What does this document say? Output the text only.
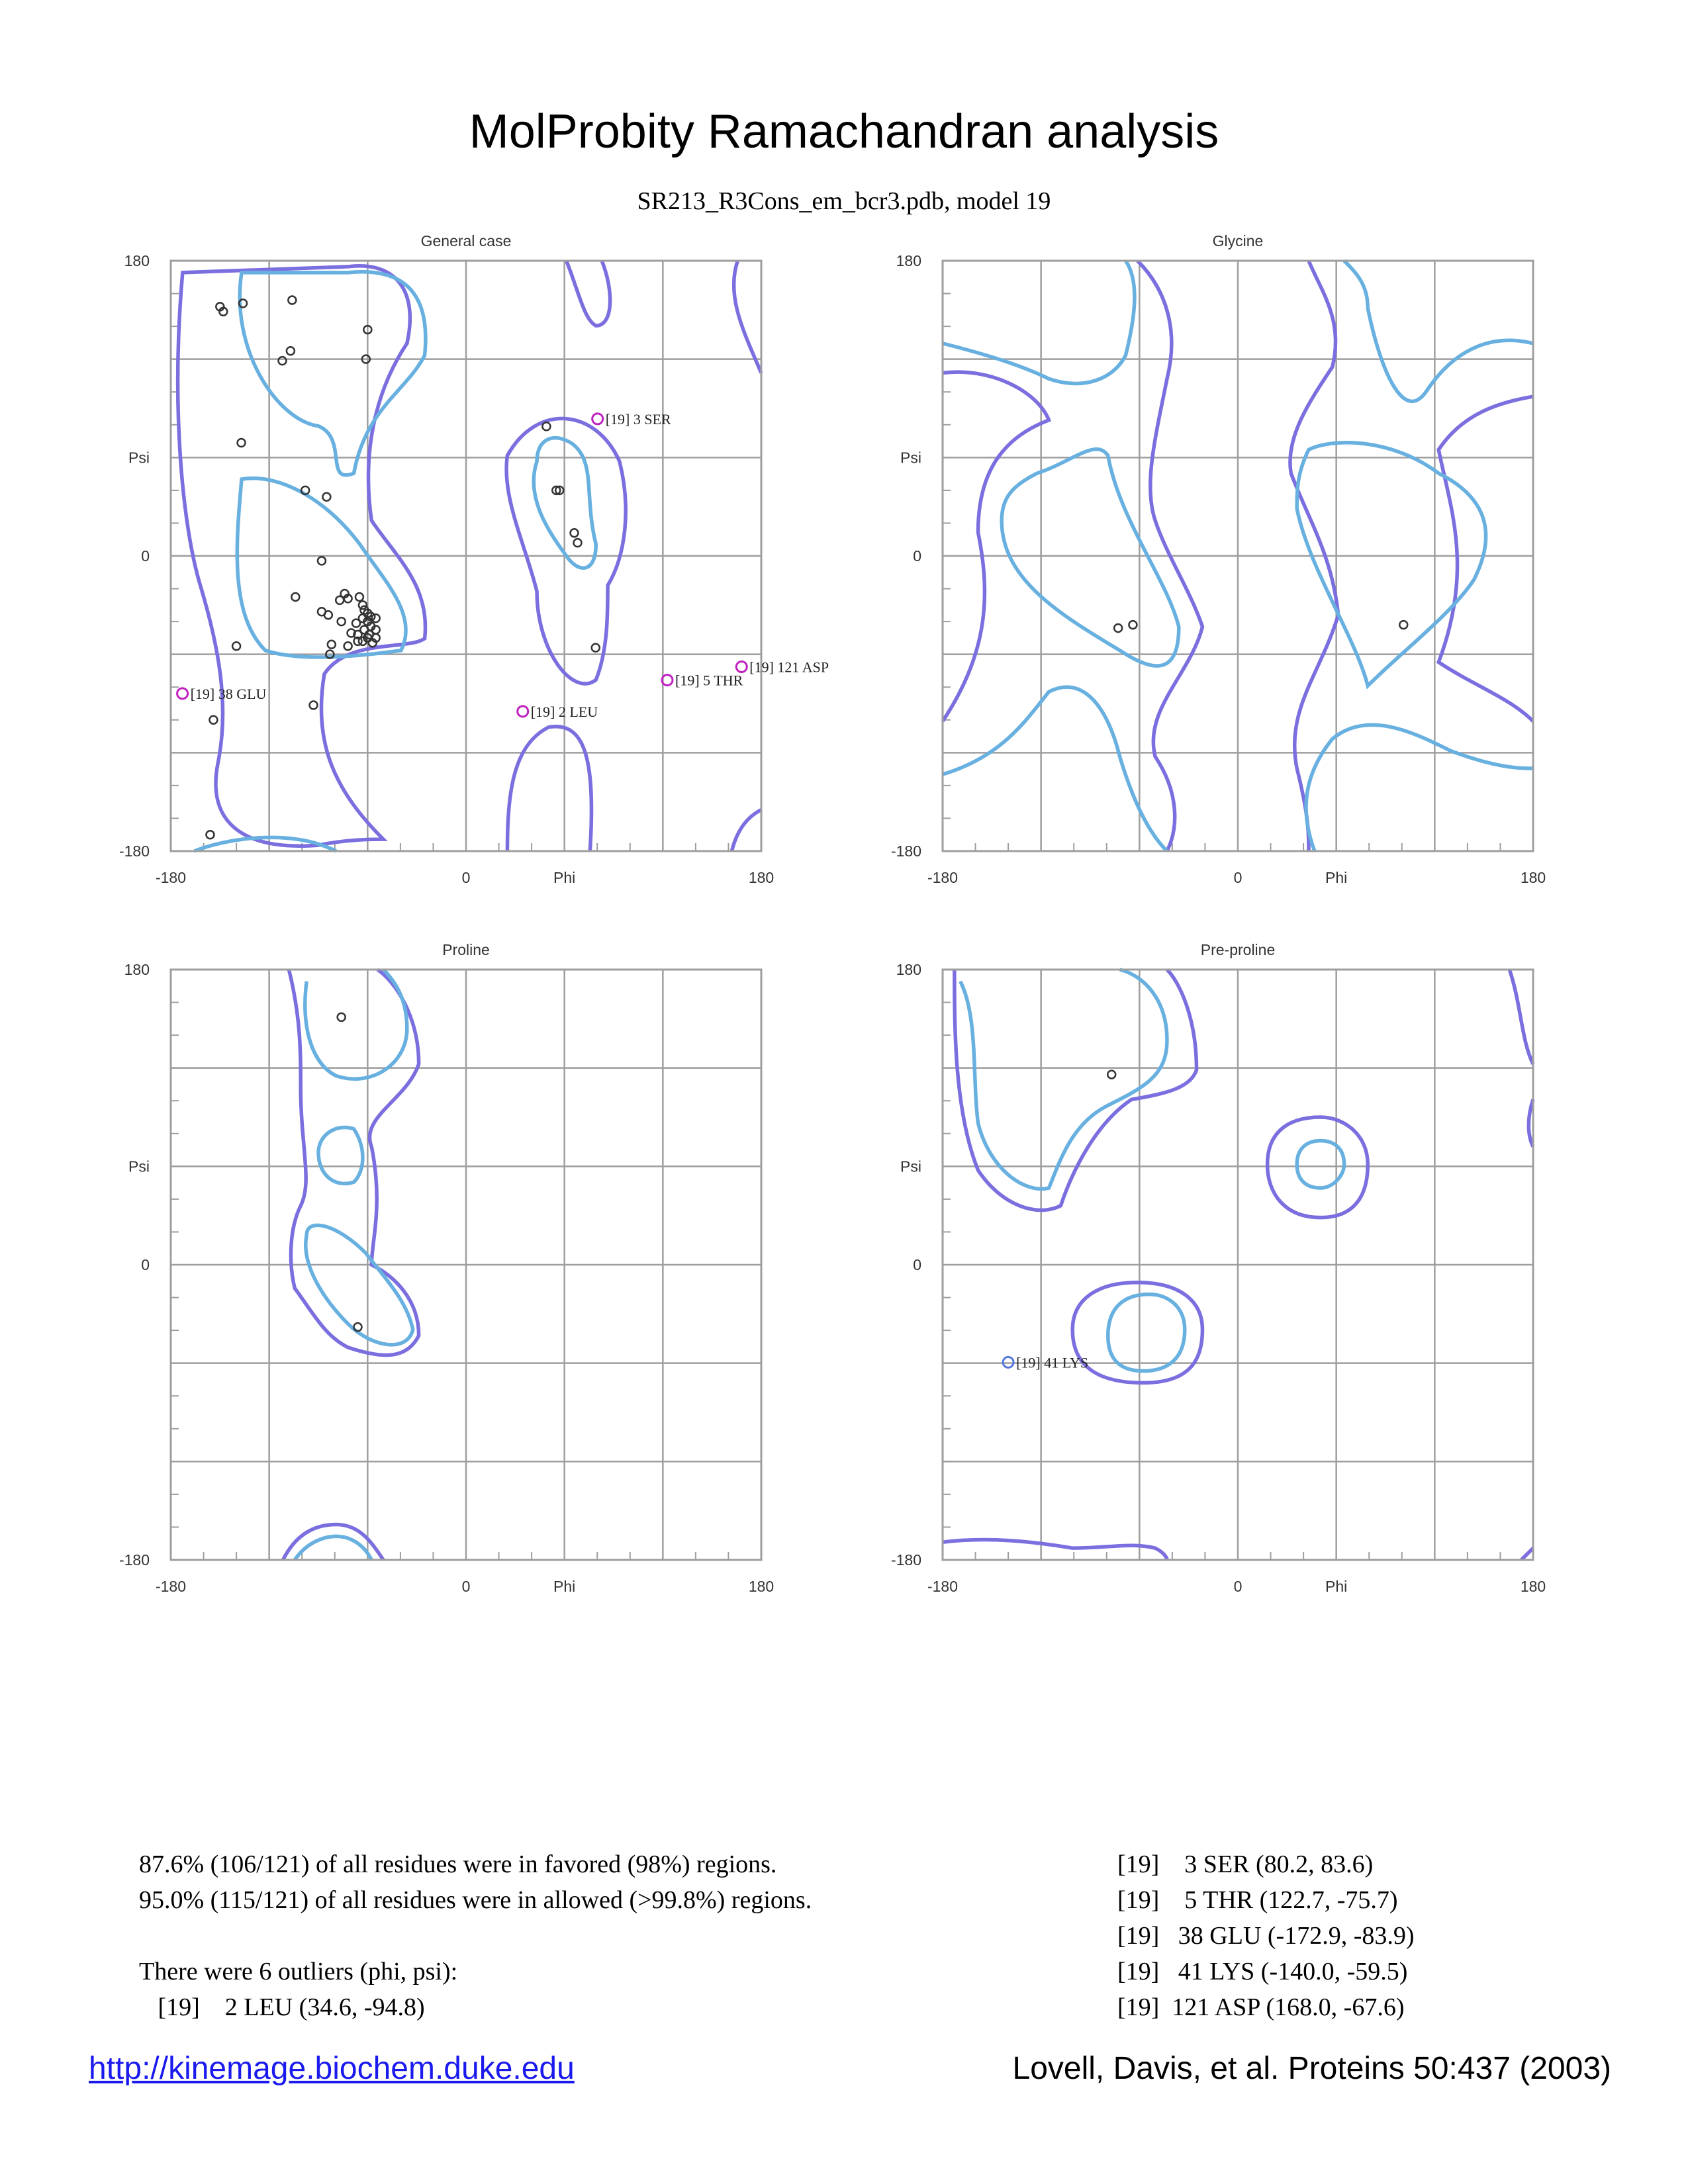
MolProbity Ramachandran analysis
SR213_R3Cons_em_bcr3.pdb, model 19
General case
Phi
Psi
-180
-180
0
0
180
180
[19] 3 SER
[19] 5 THR
[19] 38 GLU
[19] 121 ASP
[19] 2 LEU
Glycine
Phi
Psi
-180
-180
0
0
180
180
Proline
Phi
Psi
-180
-180
0
0
180
180
Pre-proline
Phi
Psi
-180
-180
0
0
180
180
[19] 41 LYS
87.6% (106/121) of all residues were in favored (98%) regions.
95.0% (115/121) of all residues were in allowed (>99.8%) regions.
There were 6 outliers (phi, psi):
[19]    2 LEU (34.6, -94.8)
[19]    3 SER (80.2, 83.6)
[19]    5 THR (122.7, -75.7)
[19]   38 GLU (-172.9, -83.9)
[19]   41 LYS (-140.0, -59.5)
[19]  121 ASP (168.0, -67.6)
http://kinemage.biochem.duke.edu	Lovell, Davis, et al. Proteins 50:437 (2003)
